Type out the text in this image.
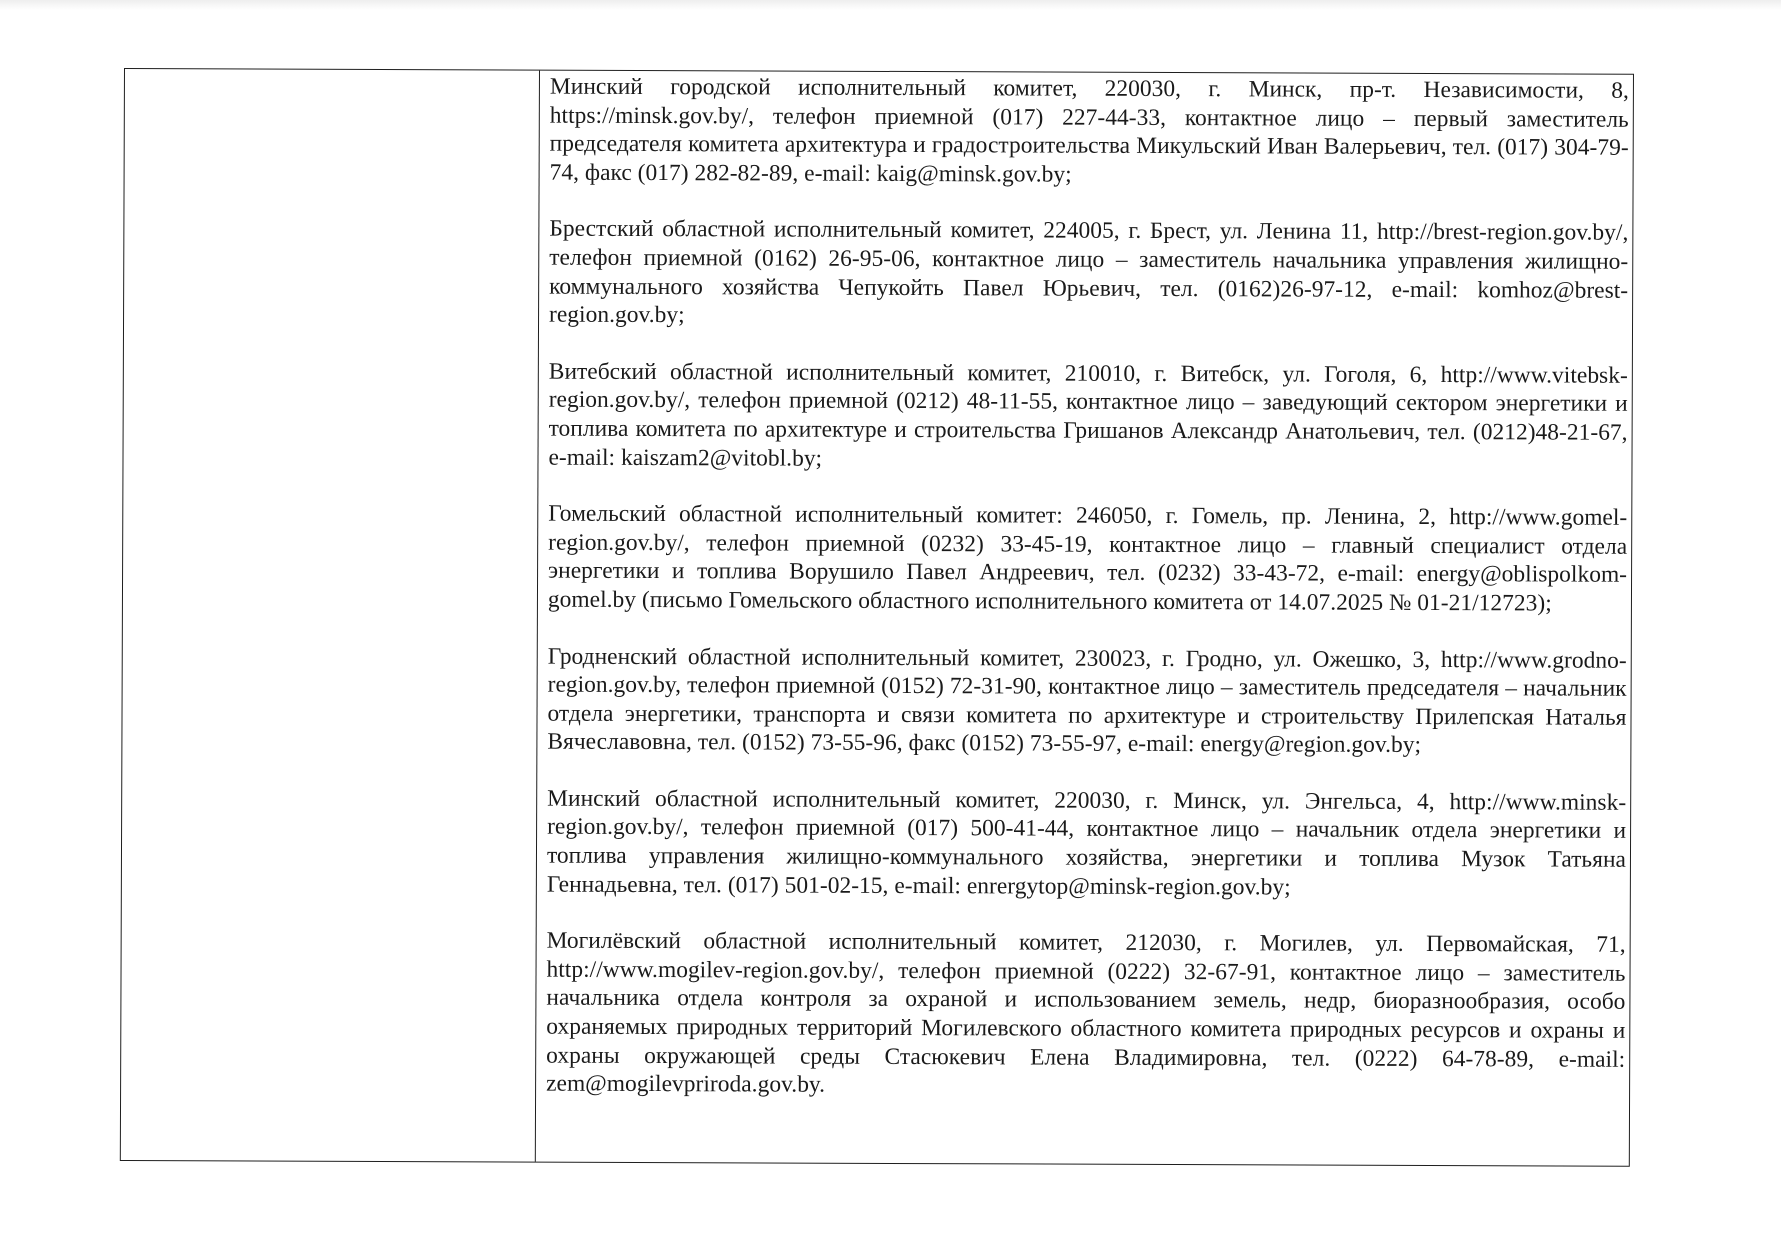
Минский городской исполнительный комитет, 220030, г. Минск, пр-т. Независимости, 8, https://minsk.gov.by/, телефон приемной (017) 227-44-33, контактное лицо – первый заместитель председателя комитета архитектура и градостроительства Микульский Иван Валерьевич, тел. (017) 304-79-74, факс (017) 282-82-89, e-mail: kaig@minsk.gov.by;

Брестский областной исполнительный комитет, 224005, г. Брест, ул. Ленина 11, http://brest-region.gov.by/, телефон приемной (0162) 26-95-06, контактное лицо – заместитель начальника управления жилищно-коммунального хозяйства Чепукойть Павел Юрьевич, тел. (0162)26-97-12, e-mail: komhoz@brest-region.gov.by;

Витебский областной исполнительный комитет, 210010, г. Витебск, ул. Гоголя, 6, http://www.vitebsk-region.gov.by/, телефон приемной (0212) 48-11-55, контактное лицо – заведующий сектором энергетики и топлива комитета по архитектуре и строительства Гришанов Александр Анатольевич, тел. (0212)48-21-67, e-mail: kaiszam2@vitobl.by;

Гомельский областной исполнительный комитет: 246050, г. Гомель, пр. Ленина, 2, http://www.gomel-region.gov.by/, телефон приемной (0232) 33-45-19, контактное лицо – главный специалист отдела энергетики и топлива Ворушило Павел Андреевич, тел. (0232) 33-43-72, e-mail: energy@oblispolkom-gomel.by (письмо Гомельского областного исполнительного комитета от 14.07.2025 № 01-21/12723);

Гродненский областной исполнительный комитет, 230023, г. Гродно, ул. Ожешко, 3, http://www.grodno-region.gov.by, телефон приемной (0152) 72-31-90, контактное лицо – заместитель председателя – начальник отдела энергетики, транспорта и связи комитета по архитектуре и строительству Прилепская Наталья Вячеславовна, тел. (0152) 73-55-96, факс (0152) 73-55-97, e-mail: energy@region.gov.by;

Минский областной исполнительный комитет, 220030, г. Минск, ул. Энгельса, 4, http://www.minsk-region.gov.by/, телефон приемной (017) 500-41-44, контактное лицо – начальник отдела энергетики и топлива управления жилищно-коммунального хозяйства, энергетики и топлива Музок Татьяна Геннадьевна, тел. (017) 501-02-15, e-mail: enrergytop@minsk-region.gov.by;

Могилёвский областной исполнительный комитет, 212030, г. Могилев, ул. Первомайская, 71, http://www.mogilev-region.gov.by/, телефон приемной (0222) 32-67-91, контактное лицо – заместитель начальника отдела контроля за охраной и использованием земель, недр, биоразнообразия, особо охраняемых природных территорий Могилевского областного комитета природных ресурсов и охраны и охраны окружающей среды Стасюкевич Елена Владимировна, тел. (0222) 64-78-89, e-mail: zem@mogilevpriroda.gov.by.
